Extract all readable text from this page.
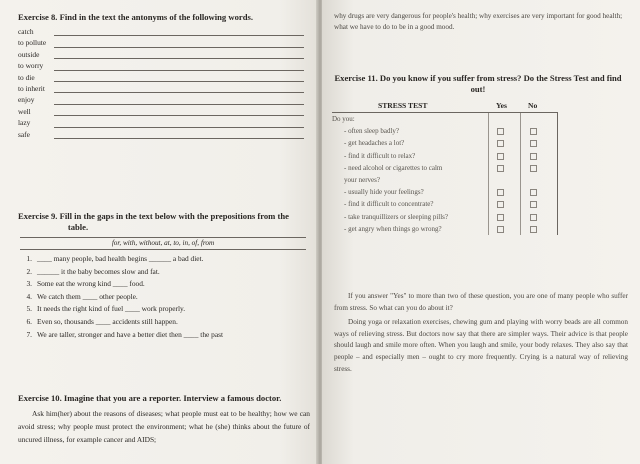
Exercise 8. Find in the text the antonyms of the following words.

catch
to pollute
outside
to worry
to die
to inherit
enjoy
well
lazy
safe

Exercise 9. Fill in the gaps in the text below with the prepositions from the

table.
for, with, without, at, to, in, of, from
1. ____ many people, bad health begins ______ a bad diet.
2. ______ it the baby becomes slow and fat.
3. Some eat the wrong kind ____ food.
4. We catch them ____ other people.
5. It needs the right kind of fuel ____ work properly.
6. Even so, thousands ____ accidents still happen.
7. We are taller, stronger and have a better diet then ____ the past

Exercise 10. Imagine that you are a reporter. Interview a famous doctor.

Ask him(her) about the reasons of diseases; what people must eat to be healthy; how we can avoid stress; why people must protect the environment; what he (she) thinks about the future of uncured illness, for example cancer and AIDS;

why drugs are very dangerous for people's health; why exercises are very important for good health; what we have to do to be in a good mood.

Exercise 11. Do you know if you suffer from stress? Do the Stress Test and find out!

STRESS TEST	Yes	No
Do you:
- often sleep badly?
- get headaches a lot?
- find it difficult to relax?
- need alcohol or cigarettes to calm
your nerves?
- usually hide your feelings?
- find it difficult to concentrate?
- take tranquillizers or sleeping pills?
- get angry when things go wrong?

If you answer "Yes" to more than two of these question, you are one of many people who suffer from stress. So what can you do about it?

Doing yoga or relaxation exercises, chewing gum and playing with worry beads are all common ways of relieving stress. But doctors now say that there are simpler ways. Their advice is that people should laugh and smile more often. When you laugh and smile, your body relaxes. They also say that people – and especially men – ought to cry more frequently. Crying is a natural way of relieving stress.
